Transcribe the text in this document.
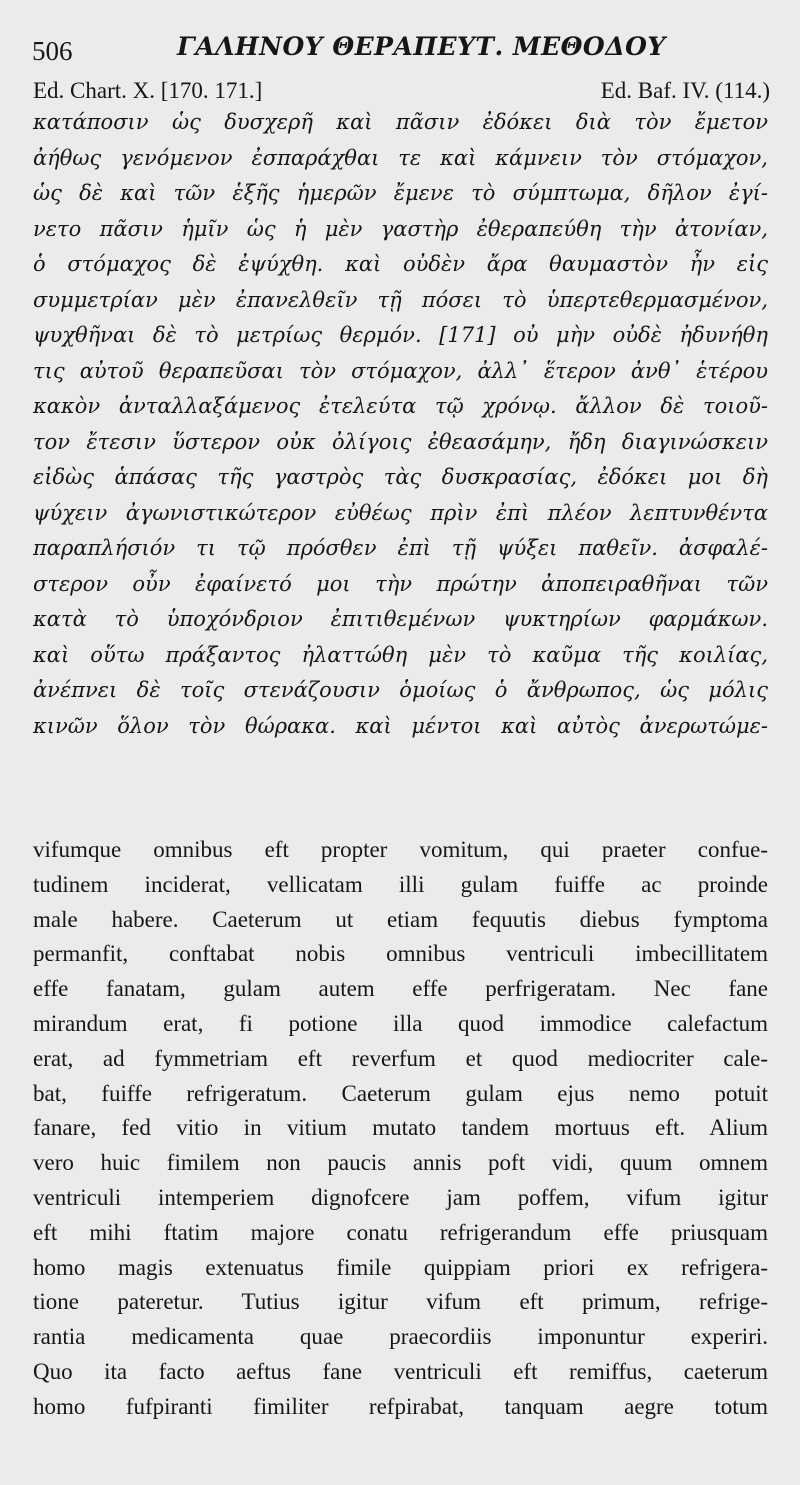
506	ΓΑΛΗΝΟΥ ΘΕΡΑΠΕΥΤ. ΜΕΘΟΔΟΥ
Ed. Chart. X. [170. 171.]	Ed. Baf. IV. (114.)
κατάποσιν ὡς δυσχερῆ καὶ πᾶσιν ἐδόκει διὰ τὸν ἔμετον
ἀήθως γενόμενον ἐσπαράχθαι τε καὶ κάμνειν τὸν στόμαχον,
ὡς δὲ καὶ τῶν ἑξῆς ἡμερῶν ἔμενε τὸ σύμπτωμα, δῆλον ἐγί-
νετο πᾶσιν ἡμῖν ὡς ἡ μὲν γαστὴρ ἐθεραπεύθη τὴν ἀτονίαν,
ὁ στόμαχος δὲ ἐψύχθη. καὶ οὐδὲν ἄρα θαυμαστὸν ἦν εἰς
συμμετρίαν μὲν ἐπανελθεῖν τῇ πόσει τὸ ὑπερτεθερμασμένον,
ψυχθῆναι δὲ τὸ μετρίως θερμόν. [171] οὐ μὴν οὐδὲ ἠδυνήθη
τις αὐτοῦ θεραπεῦσαι τὸν στόμαχον, ἀλλ᾽ ἕτερον ἀνθ᾽ ἑτέρου
κακὸν ἀνταλλαξάμενος ἐτελεύτα τῷ χρόνῳ. ἄλλον δὲ τοιοῦ-
τον ἔτεσιν ὕστερον οὐκ ὀλίγοις ἐθεασάμην, ἤδη διαγινώσκειν
εἰδὼς ἁπάσας τῆς γαστρὸς τὰς δυσκρασίας, ἐδόκει μοι δὴ
ψύχειν ἀγωνιστικώτερον εὐθέως πρὶν ἐπὶ πλέον λεπτυνθέντα
παραπλήσιόν τι τῷ πρόσθεν ἐπὶ τῇ ψύξει παθεῖν. ἀσφαλέ-
στερον οὖν ἐφαίνετό μοι τὴν πρώτην ἀποπειραθῆναι τῶν
κατὰ τὸ ὑποχόνδριον ἐπιτιθεμένων ψυκτηρίων φαρμάκων.
καὶ οὕτω πράξαντος ἠλαττώθη μὲν τὸ καῦμα τῆς κοιλίας,
ἀνέπνει δὲ τοῖς στενάζουσιν ὁμοίως ὁ ἄνθρωπος, ὡς μόλις
κινῶν ὅλον τὸν θώρακα. καὶ μέντοι καὶ αὐτὸς ἀνερωτώμε-
vifumque omnibus eft propter vomitum, qui praeter confue-
tudinem inciderat, vellicatam illi gulam fuiffe ac proinde
male habere. Caeterum ut etiam fequutis diebus fymptoma
permanfit, conftabat nobis omnibus ventriculi imbecillitatem
effe fanatam, gulam autem effe perfrigeratam. Nec fane
mirandum erat, fi potione illa quod immodice calefactum
erat, ad fymmetriam eft reverfum et quod mediocriter cale-
bat, fuiffe refrigeratum. Caeterum gulam ejus nemo potuit
fanare, fed vitio in vitium mutato tandem mortuus eft. Alium
vero huic fimilem non paucis annis poft vidi, quum omnem
ventriculi intemperiem dignofcere jam poffem, vifum igitur
eft mihi ftatim majore conatu refrigerandum effe priusquam
homo magis extenuatus fimile quippiam priori ex refrigera-
tione pateretur. Tutius igitur vifum eft primum, refrige-
rantia medicamenta quae praecordiis imponuntur experiri.
Quo ita facto aeftus fane ventriculi eft remiffus, caeterum
homo fufpiranti fimiliter refpirabat, tanquam aegre totum
